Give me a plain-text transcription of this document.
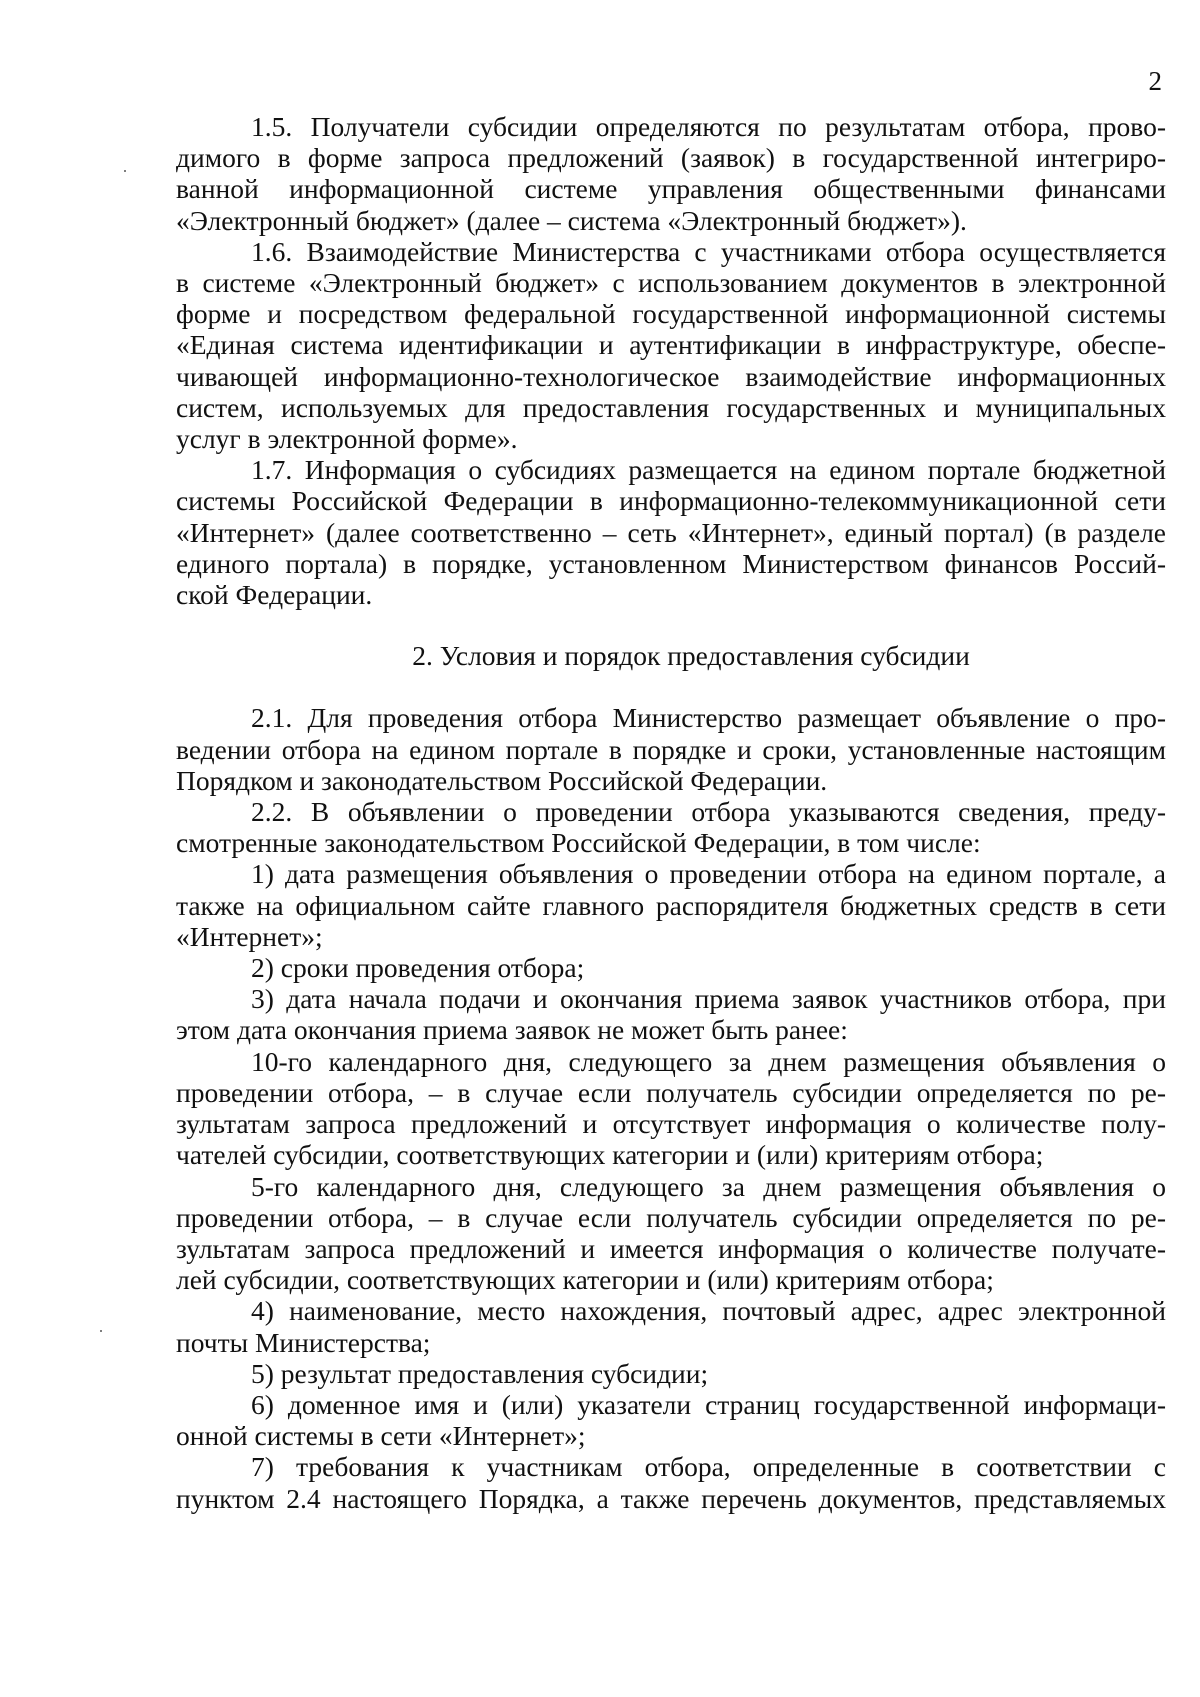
2
1.5. Получатели субсидии определяются по результатам отбора, прово-
димого в форме запроса предложений (заявок) в государственной интегриро-
ванной информационной системе управления общественными финансами
«Электронный бюджет» (далее – система «Электронный бюджет»).
1.6. Взаимодействие Министерства с участниками отбора осуществляется
в системе «Электронный бюджет» с использованием документов в электронной
форме и посредством федеральной государственной информационной системы
«Единая система идентификации и аутентификации в инфраструктуре, обеспе-
чивающей информационно-технологическое взаимодействие информационных
систем, используемых для предоставления государственных и муниципальных
услуг в электронной форме».
1.7. Информация о субсидиях размещается на едином портале бюджетной
системы Российской Федерации в информационно-телекоммуникационной сети
«Интернет» (далее соответственно – сеть «Интернет», единый портал) (в разделе
единого портала) в порядке, установленном Министерством финансов Россий-
ской Федерации.
2. Условия и порядок предоставления субсидии
2.1. Для проведения отбора Министерство размещает объявление о про-
ведении отбора на едином портале в порядке и сроки, установленные настоящим
Порядком и законодательством Российской Федерации.
2.2. В объявлении о проведении отбора указываются сведения, преду-
смотренные законодательством Российской Федерации, в том числе:
1) дата размещения объявления о проведении отбора на едином портале, а
также на официальном сайте главного распорядителя бюджетных средств в сети
«Интернет»;
2) сроки проведения отбора;
3) дата начала подачи и окончания приема заявок участников отбора, при
этом дата окончания приема заявок не может быть ранее:
10-го календарного дня, следующего за днем размещения объявления о
проведении отбора, – в случае если получатель субсидии определяется по ре-
зультатам запроса предложений и отсутствует информация о количестве полу-
чателей субсидии, соответствующих категории и (или) критериям отбора;
5-го календарного дня, следующего за днем размещения объявления о
проведении отбора, – в случае если получатель субсидии определяется по ре-
зультатам запроса предложений и имеется информация о количестве получате-
лей субсидии, соответствующих категории и (или) критериям отбора;
4) наименование, место нахождения, почтовый адрес, адрес электронной
почты Министерства;
5) результат предоставления субсидии;
6) доменное имя и (или) указатели страниц государственной информаци-
онной системы в сети «Интернет»;
7) требования к участникам отбора, определенные в соответствии с
пунктом 2.4 настоящего Порядка, а также перечень документов, представляемых
